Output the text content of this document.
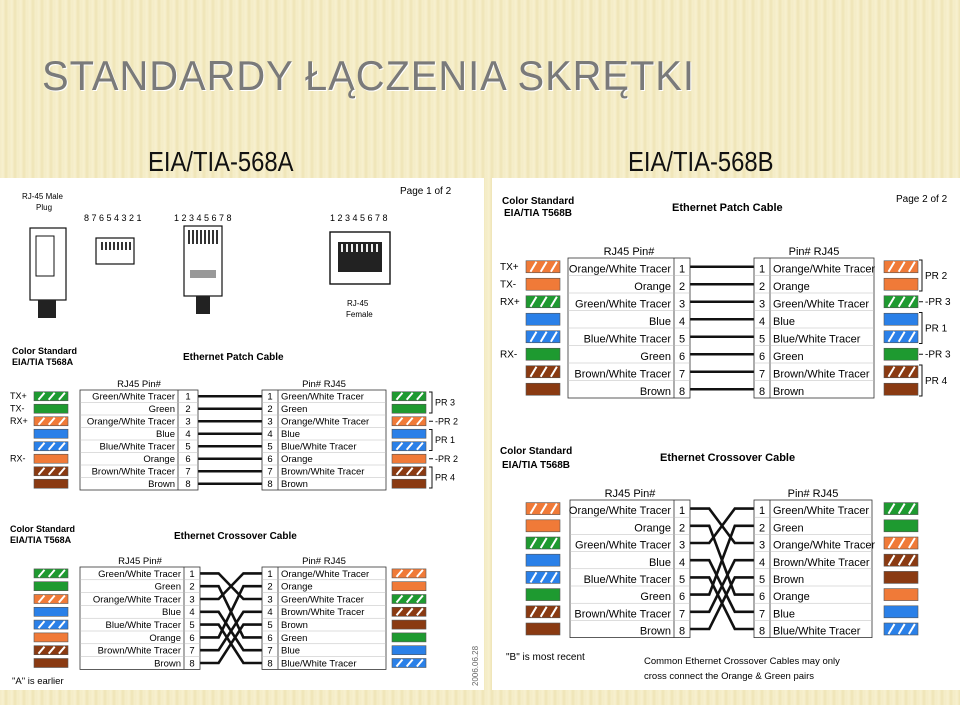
STANDARDY ŁĄCZENIA SKRĘTKI
EIA/TIA-568A	EIA/TIA-568B
Page 1 of 2
RJ-45 Male
Plug
8 7 6 5 4 3 2 1	1 2 3 4 5 6 7 8	1 2 3 4 5 6 7 8
RJ-45
Female
Color Standard
EIA/TIA T568A	Ethernet Patch Cable
RJ45 Pin#	Pin# RJ45
Green/White Tracer 1	1 Green/White Tracer
Green 2	2 Green
Orange/White Tracer 3	3 Orange/White Tracer
Blue 4	4 Blue
Blue/White Tracer 5	5 Blue/White Tracer
Orange 6	6 Orange
Brown/White Tracer 7	7 Brown/White Tracer
Brown 8	8 Brown
TX+
TX-
RX+
RX-
PR 3
-PR 2
PR 1
-PR 2
PR 4
Color Standard
EIA/TIA T568A	Ethernet Crossover Cable
RJ45 Pin#	Pin# RJ45
Green/White Tracer 1	1 Orange/White Tracer
Green 2	2 Orange
Orange/White Tracer 3	3 Green/White Tracer
Blue 4	4 Brown/White Tracer
Blue/White Tracer 5	5 Brown
Orange 6	6 Green
Brown/White Tracer 7	7 Blue
Brown 8	8 Blue/White Tracer
"A" is earlier	2006.06.28
Page 2 of 2
Color Standard
EIA/TIA T568B	Ethernet Patch Cable
RJ45 Pin#	Pin# RJ45
Orange/White Tracer 1	1 Orange/White Tracer
Orange 2	2 Orange
Green/White Tracer 3	3 Green/White Tracer
Blue 4	4 Blue
Blue/White Tracer 5	5 Blue/White Tracer
Green 6	6 Green
Brown/White Tracer 7	7 Brown/White Tracer
Brown 8	8 Brown
TX+
TX-
RX+
RX-
PR 2
-PR 3
PR 1
-PR 3
PR 4
Color Standard
EIA/TIA T568B
Ethernet Crossover Cable
RJ45 Pin#	Pin# RJ45
Orange/White Tracer 1	1 Green/White Tracer
Orange 2	2 Green
Green/White Tracer 3	3 Orange/White Tracer
Blue 4	4 Brown/White Tracer
Blue/White Tracer 5	5 Brown
Green 6	6 Orange
Brown/White Tracer 7	7 Blue
Brown 8	8 Blue/White Tracer
"B" is most recent	Common Ethernet Crossover Cables may only
cross connect the Orange & Green pairs
